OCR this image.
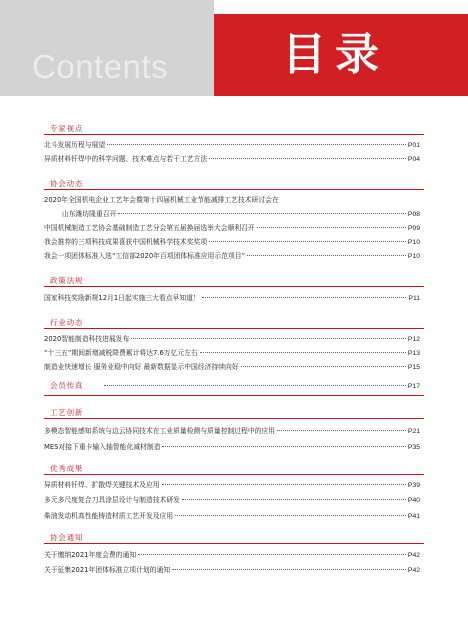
Contents	目录
专家视点
北斗发展历程与展望	P01
异质材料钎焊中的科学问题、技术难点与若干工艺方法	P04
协会动态
2020年全国机电企业工艺年会暨第十四届机械工业节能减排工艺技术研讨会在
山东潍坊隆重召开	P08
中国机械制造工艺协会基础制造工艺分会第五届换届选举大会顺利召开	P09
我会推荐的三项科技成果喜获中国机械科学技术奖奖项	P10
我会一项团体标准入选“工信部2020年百项团体标准应用示范项目”	P10
政策法规
国家科技奖励新规12月1日起实施三大看点早知道！	P11
行业动态
2020智能制造科技进展发布	P12
“十三五”期间新增减税降费累计将达7.6万亿元左右	P13
制造业快速增长 服务业稳中向好 最新数据显示中国经济持续向好	P15
会员传真	P17
工艺创新
多模态智能感知系统与边云协同技术在工业质量检测与质量控制过程中的应用	P21
MES对接下重卡输入轴智能化减材制造	P35
优秀成果
异质材料钎焊、扩散焊关键技术及应用	P39
多元多尺度复合刀具涂层设计与制造技术研发	P40
柴油发动机高性能铸造材质工艺开发及应用	P41
协会通知
关于缴纳2021年度会费的通知	P42
关于征集2021年团体标准立项计划的通知	P42
